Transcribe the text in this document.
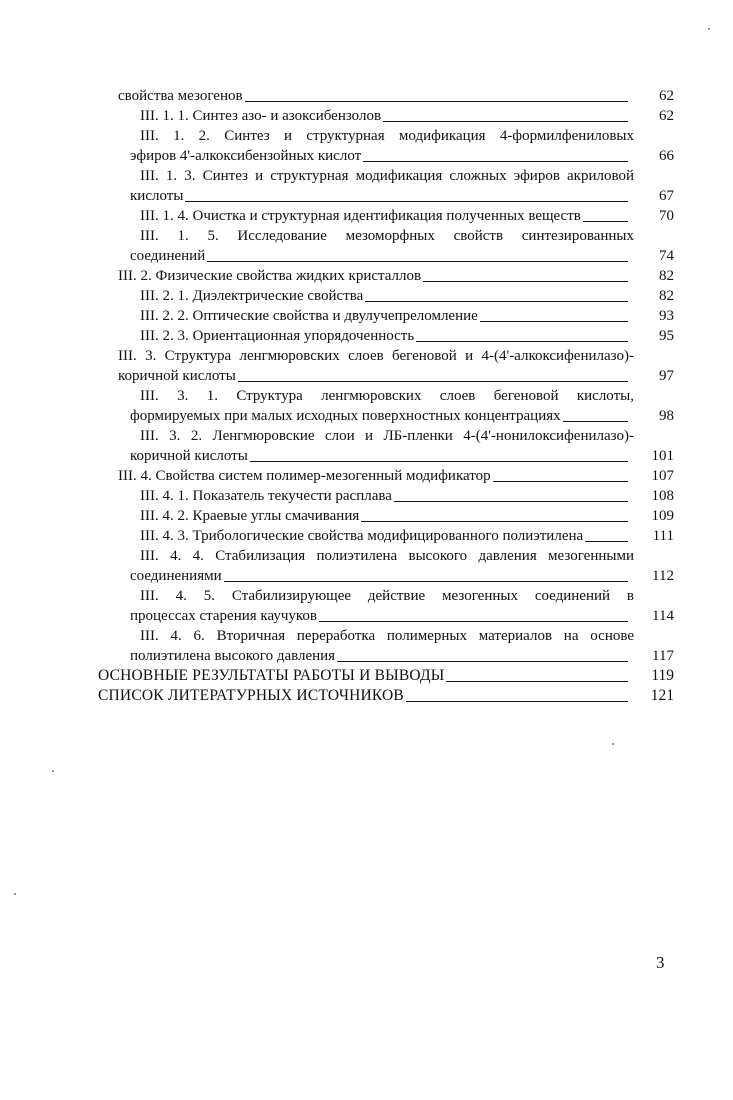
свойства мезогенов	62
III. 1. 1. Синтез азо- и азоксибензолов	62
III. 1. 2. Синтез и структурная модификация 4-формилфениловых
эфиров 4'-алкоксибензойных кислот	66
III. 1. 3. Синтез и структурная модификация сложных эфиров акриловой
кислоты	67
III. 1. 4. Очистка и структурная идентификация полученных веществ	70
III. 1. 5. Исследование мезоморфных свойств синтезированных
соединений	74
III. 2. Физические свойства жидких кристаллов	82
III. 2. 1. Диэлектрические свойства	82
III. 2. 2. Оптические свойства и двулучепреломление	93
III. 2. 3. Ориентационная упорядоченность	95
III. 3. Структура ленгмюровских слоев бегеновой и 4-(4'-алкоксифенилазо)-
коричной кислоты	97
III. 3. 1. Структура ленгмюровских слоев бегеновой кислоты,
формируемых при малых исходных поверхностных концентрациях	98
III. 3. 2. Ленгмюровские слои и ЛБ-пленки 4-(4'-нонилоксифенилазо)-
коричной кислоты	101
III. 4. Свойства систем полимер-мезогенный модификатор	107
III. 4. 1. Показатель текучести расплава	108
III. 4. 2. Краевые углы смачивания	109
III. 4. 3. Трибологические свойства модифицированного полиэтилена	111
III. 4. 4. Стабилизация полиэтилена высокого давления мезогенными
соединениями	112
III. 4. 5. Стабилизирующее действие мезогенных соединений в
процессах старения каучуков	114
III. 4. 6. Вторичная переработка полимерных материалов на основе
полиэтилена высокого давления	117
ОСНОВНЫЕ РЕЗУЛЬТАТЫ РАБОТЫ И ВЫВОДЫ	119
СПИСОК ЛИТЕРАТУРНЫХ ИСТОЧНИКОВ	121
3
